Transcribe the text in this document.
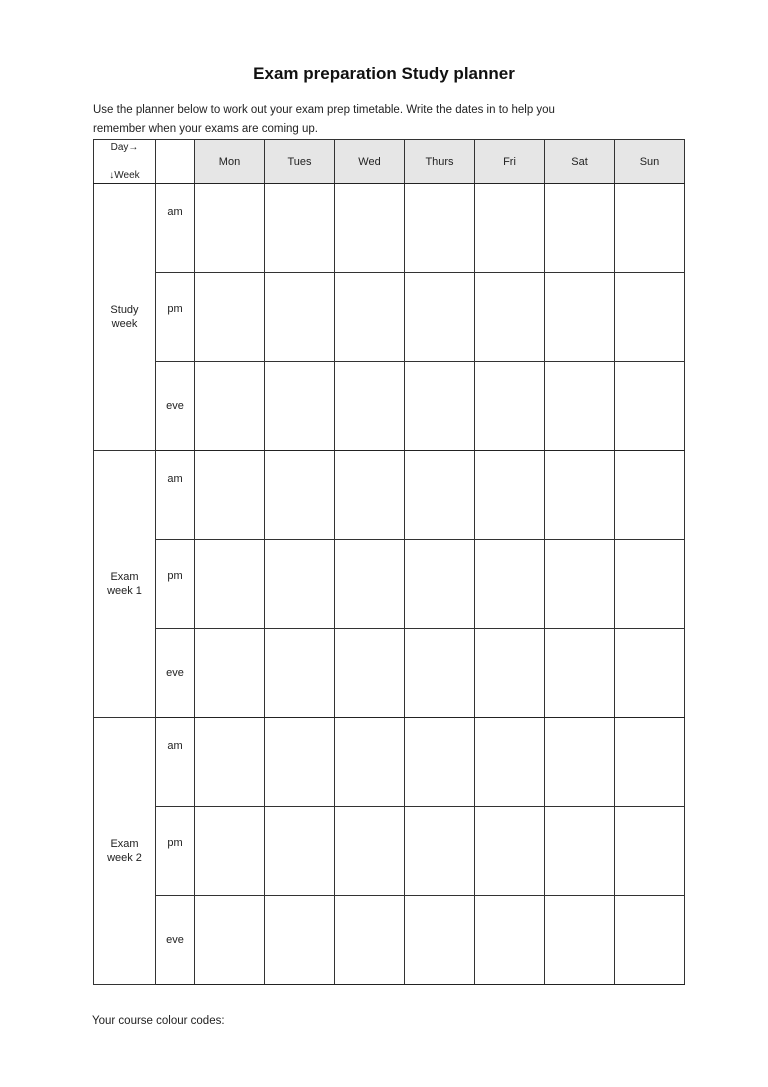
Exam preparation Study planner
Use the planner below to work out your exam prep timetable. Write the dates in to help you
remember when your exams are coming up.
Day→
↓Week		Mon	Tues	Wed	Thurs	Fri	Sat	Sun

Study
week	am							
	pm							
	eve							

Exam
week 1	am							
	pm							
	eve							

Exam
week 2	am							
	pm							
	eve							
Your course colour codes:
